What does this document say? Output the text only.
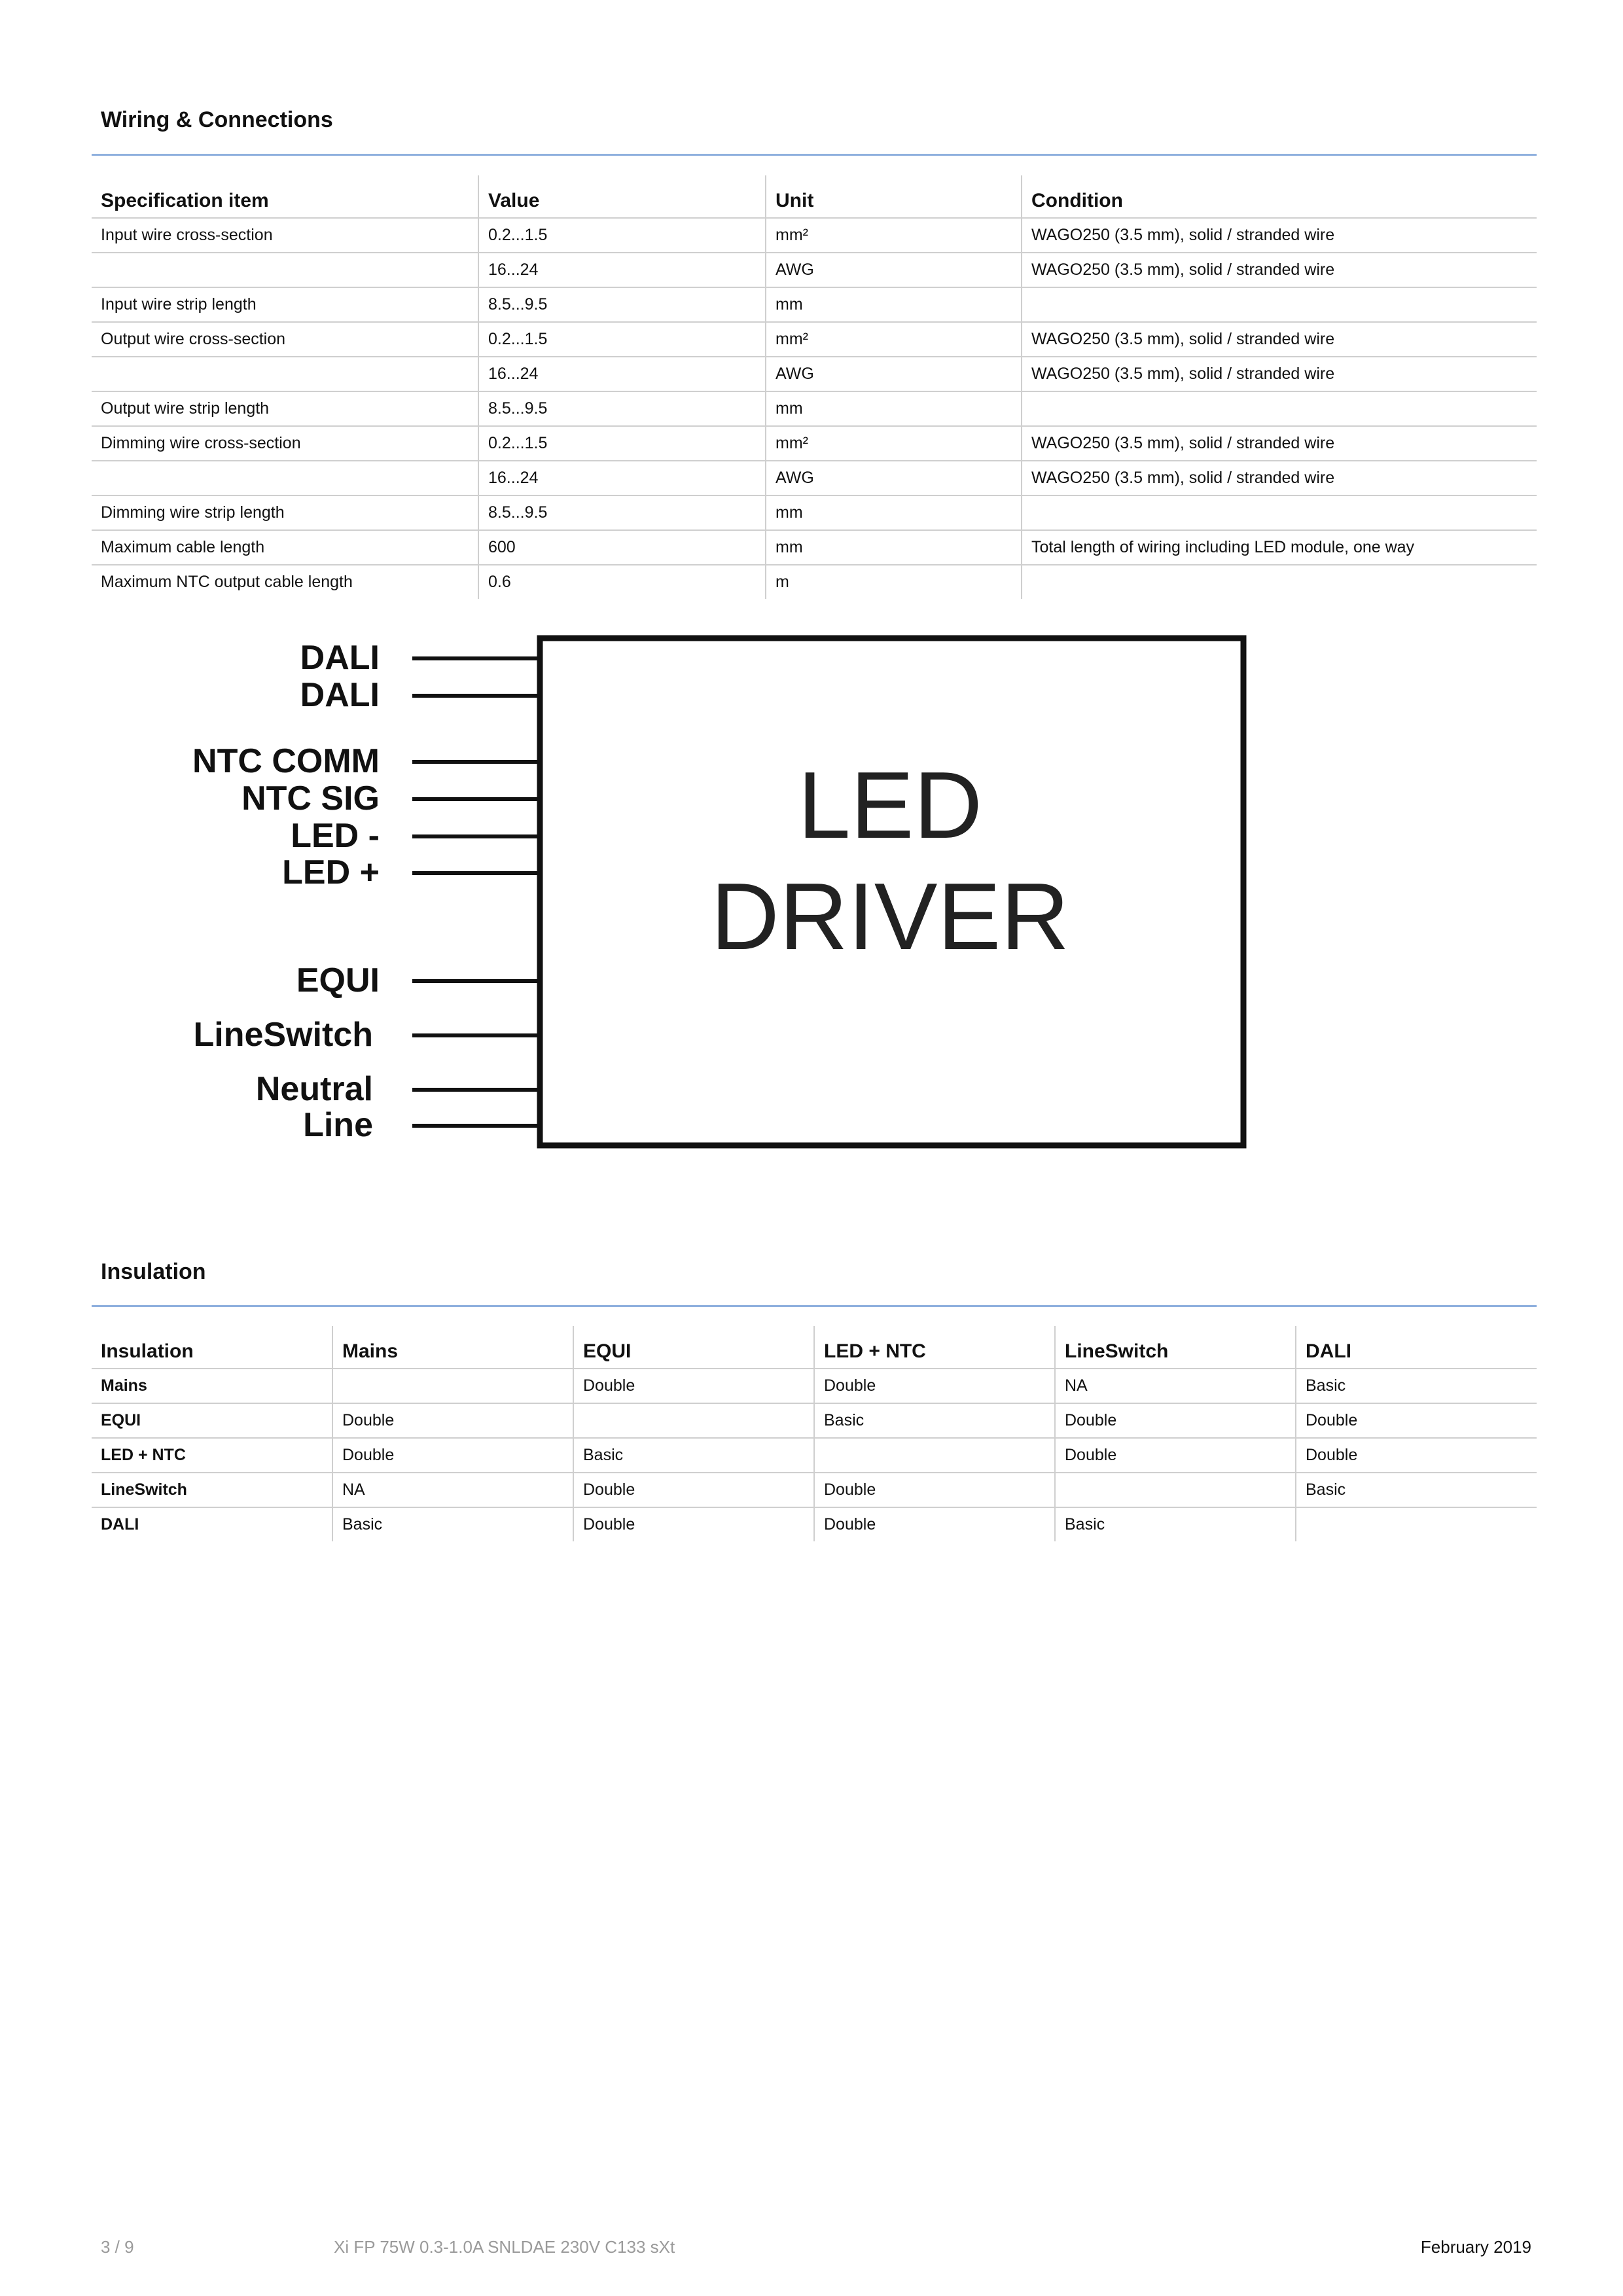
Wiring & Connections
Specification item	Value	Unit	Condition
Input wire cross-section	0.2...1.5	mm²	WAGO250 (3.5 mm), solid / stranded wire
	16...24	AWG	WAGO250 (3.5 mm), solid / stranded wire
Input wire strip length	8.5...9.5	mm	
Output wire cross-section	0.2...1.5	mm²	WAGO250 (3.5 mm), solid / stranded wire
	16...24	AWG	WAGO250 (3.5 mm), solid / stranded wire
Output wire strip length	8.5...9.5	mm	
Dimming wire cross-section	0.2...1.5	mm²	WAGO250 (3.5 mm), solid / stranded wire
	16...24	AWG	WAGO250 (3.5 mm), solid / stranded wire
Dimming wire strip length	8.5...9.5	mm	
Maximum cable length	600	mm	Total length of wiring including LED module, one way
Maximum NTC output cable length	0.6	m	
LED
DRIVER
DALI
DALI
NTC COMM
NTC SIG
LED -
LED +
EQUI
LineSwitch
Neutral
Line
Insulation
Insulation	Mains	EQUI	LED + NTC	LineSwitch	DALI
Mains		Double	Double	NA	Basic
EQUI	Double		Basic	Double	Double
LED + NTC	Double	Basic		Double	Double
LineSwitch	NA	Double	Double		Basic
DALI	Basic	Double	Double	Basic	
3 / 9	Xi FP 75W 0.3-1.0A SNLDAE 230V C133 sXt	February 2019
